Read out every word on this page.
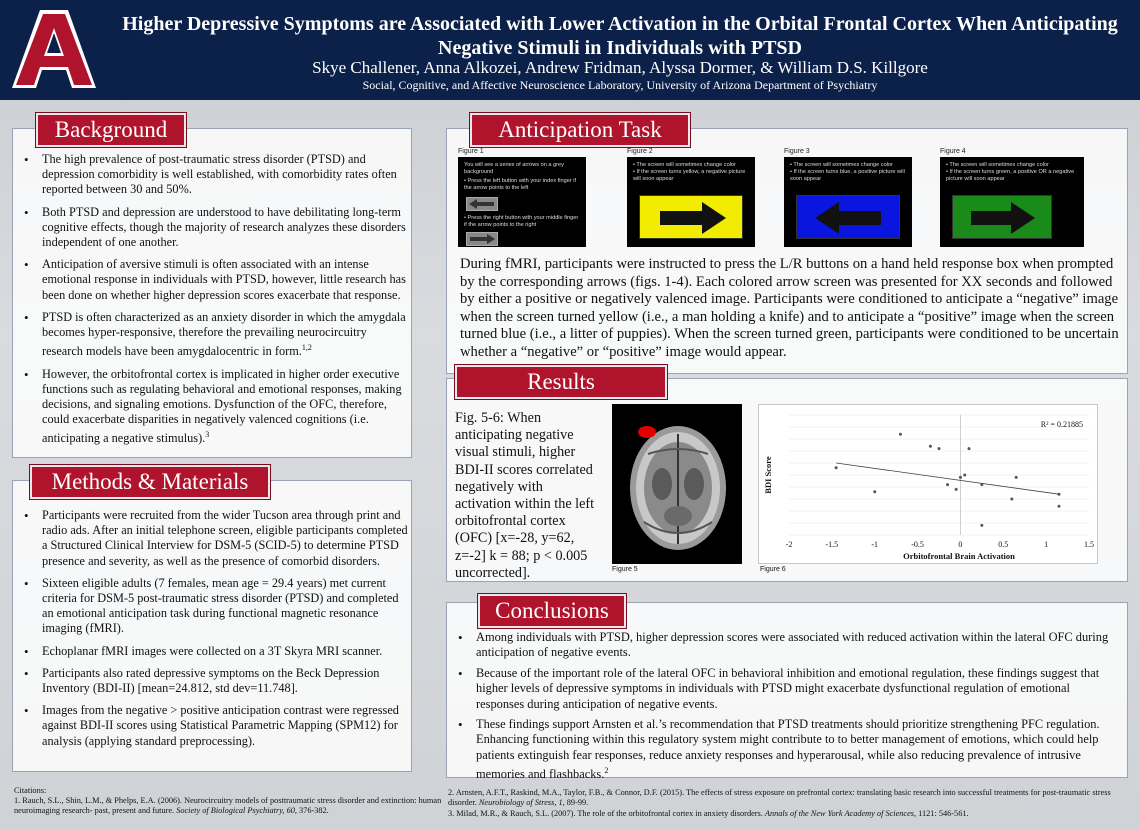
Higher Depressive Symptoms are Associated with Lower Activation in the Orbital Frontal Cortex When Anticipating
Negative Stimuli in Individuals with PTSD
Skye Challener, Anna Alkozei, Andrew Fridman, Alyssa Dormer, & William D.S. Killgore
Social, Cognitive, and Affective Neuroscience Laboratory, University of Arizona Department of Psychiatry
Background
• The high prevalence of post-traumatic stress disorder (PTSD) and depression comorbidity is well established, with comorbidity rates often reported between 30 and 50%.
• Both PTSD and depression are understood to have debilitating long-term cognitive effects, though the majority of research analyzes these disorders independent of one another.
• Anticipation of aversive stimuli is often associated with an intense emotional response in individuals with PTSD, however, little research has been done on whether higher depression scores exacerbate that response.
• PTSD is often characterized as an anxiety disorder in which the amygdala becomes hyper-responsive, therefore the prevailing neurocircuitry research models have been amygdalocentric in form.$^{1,2}$
• However, the orbitofrontal cortex is implicated in higher order executive functions such as regulating behavioral and emotional responses, making decisions, and signaling emotions. Dysfunction of the OFC, therefore, could exacerbate disparities in negatively valenced cognitions (i.e. anticipating a negative stimulus).$^3$
Methods & Materials
• Participants were recruited from the wider Tucson area through print and radio ads. After an initial telephone screen, eligible participants completed a Structured Clinical Interview for DSM-5 (SCID-5) to determine PTSD presence and severity, as well as the presence of comorbid disorders.
• Sixteen eligible adults (7 females, mean age = 29.4 years) met current criteria for DSM-5 post-traumatic stress disorder (PTSD) and completed an emotional anticipation task during functional magnetic resonance imaging (fMRI).
• Echoplanar fMRI images were collected on a 3T Skyra MRI scanner.
• Participants also rated depressive symptoms on the Beck Depression Inventory (BDI-II) [mean=24.812, std dev=11.748].
• Images from the negative > positive anticipation contrast were regressed against BDI-II scores using Statistical Parametric Mapping (SPM12) for analysis (applying standard preprocessing).
Anticipation Task
Figure 1
You will see a series of arrows on a grey background
• Press the left button with your index finger if the arrow points to the left
• Press the right button with your middle finger if the arrow points to the right
Figure 2
• The screen will sometimes change color
• If the screen turns yellow, a negative picture will soon appear
Figure 3
• The screen will sometimes change color
• If the screen turns blue, a positive picture will soon appear
Figure 4
• The screen will sometimes change color
• If the screen turns green, a positive OR a negative picture will soon appear
During fMRI, participants were instructed to press the L/R buttons on a hand held response box when prompted by the corresponding arrows (figs. 1-4). Each colored arrow screen was presented for XX seconds and followed by either a positive or negatively valenced image. Participants were conditioned to anticipate a “negative” image when the screen turned yellow (i.e., a man holding a knife) and to anticipate a “positive” image when the screen turned blue (i.e., a litter of puppies). When the screen turned green, participants were conditioned to be uncertain whether a “negative” or “positive” image would appear.
Results
Fig. 5-6: When anticipating negative visual stimuli, higher BDI-II scores correlated negatively with activation within the left orbitofrontal cortex (OFC) [x=-28, y=62, z=-2] k = 88; p < 0.005 uncorrected].
-2	-1.5	-1	-0.5	0	0.5	1	1.5
R² = 0.21885
Orbitofrontal Brain Activation
BDI Score
Figure 5	Figure 6
Conclusions
• Among individuals with PTSD, higher depression scores were associated with reduced activation within the lateral OFC during anticipation of negative events.
• Because of the important role of the lateral OFC in behavioral inhibition and emotional regulation, these findings suggest that higher levels of depressive symptoms in individuals with PTSD might exacerbate dysfunctional regulation of emotional responses during anticipation of negative events.
• These findings support Arnsten et al.’s recommendation that PTSD treatments should prioritize strengthening PFC regulation. Enhancing functioning within this regulatory system might contribute to to better management of emotions, which could help patients extinguish fear responses, reduce anxiety responses and hyperarousal, while also reducing prevalence of intrusive memories and flashbacks.$^2$
Citations:
1. Rauch, S.L., Shin, L.M., & Phelps, E.A. (2006). Neurocircuitry models of posttraumatic stress disorder and extinction: human neuroimaging research- past, present and future. Society of Biological Psychiatry, 60, 376-382.
2. Arnsten, A.F.T., Raskind, M.A., Taylor, F.B., & Connor, D.F. (2015). The effects of stress exposure on prefrontal cortex: translating basic research into successful treatments for post-traumatic stress disorder. Neurobiology of Stress, 1, 89-99.
3. Milad, M.R., & Rauch, S.L. (2007). The role of the orbitofrontal cortex in anxiety disorders. Annals of the New York Academy of Sciences, 1121: 546-561.
